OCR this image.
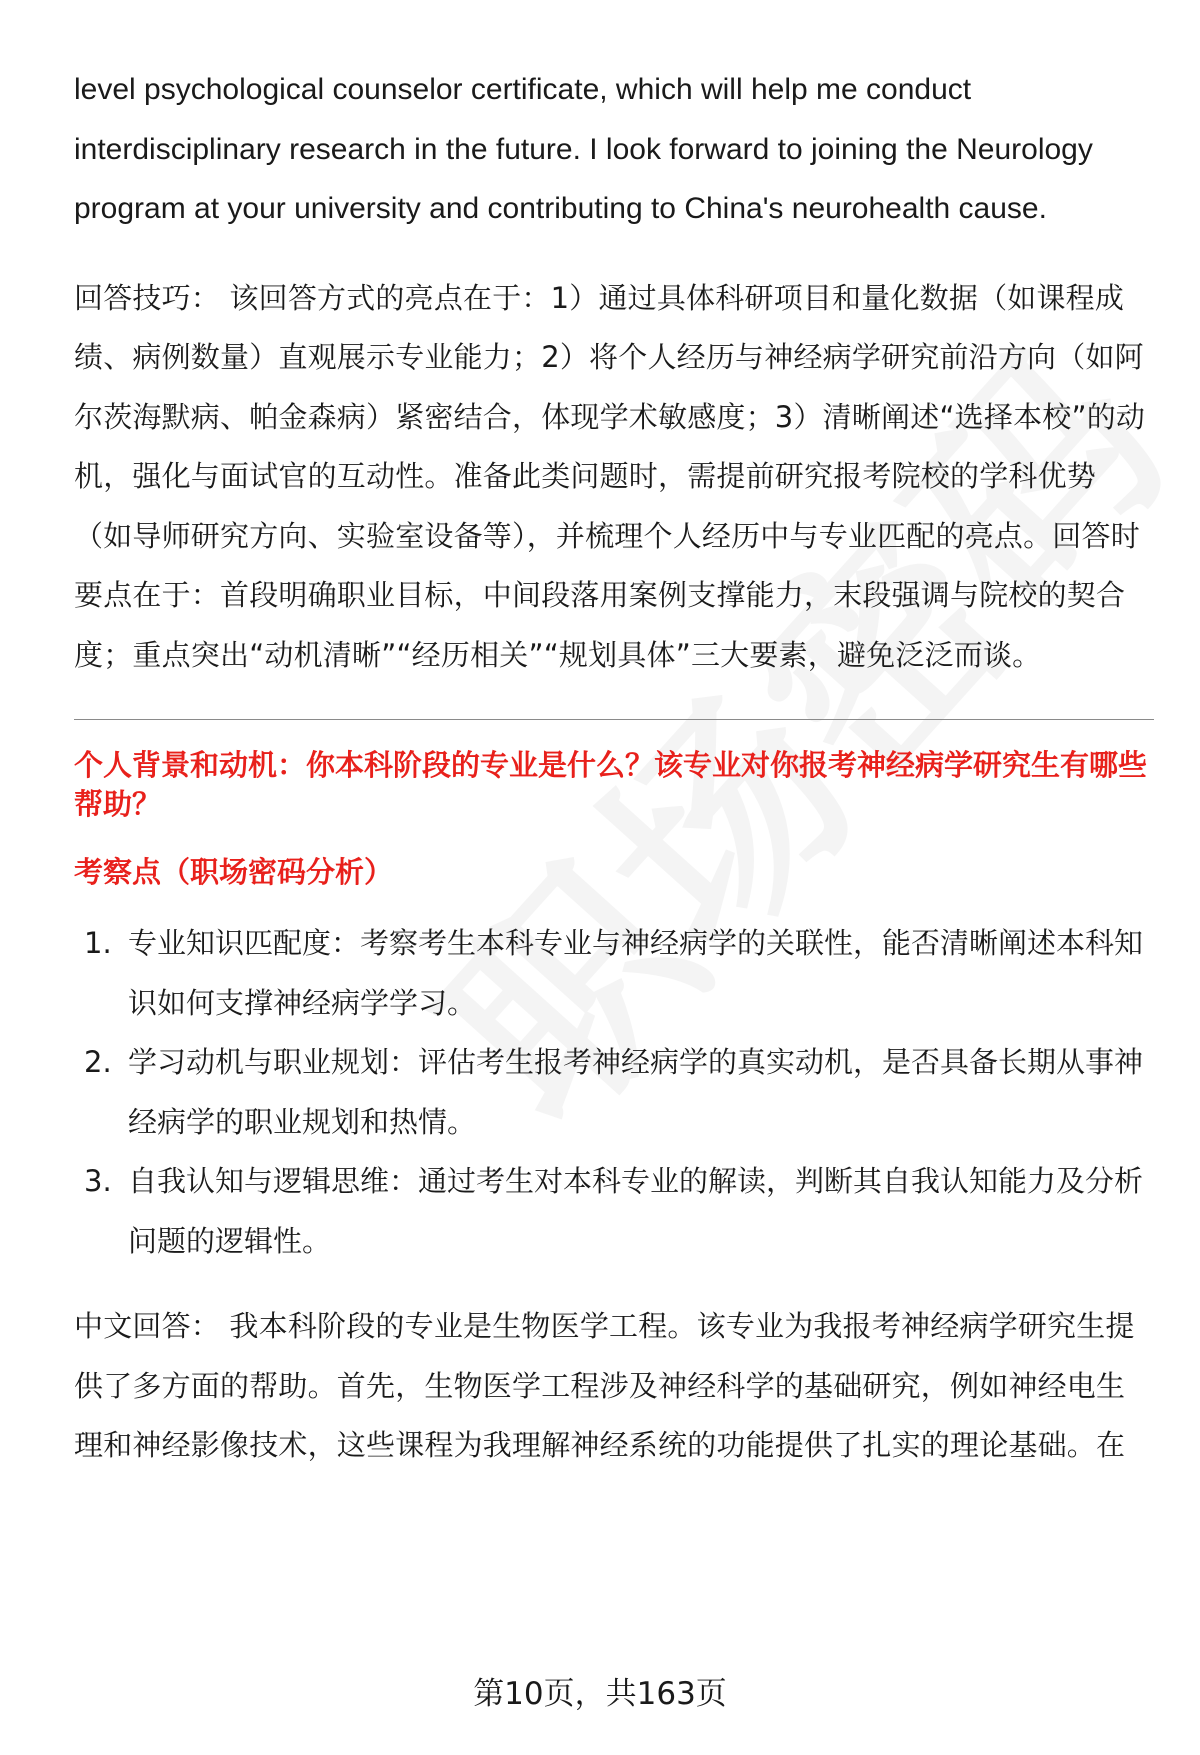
level psychological counselor certificate, which will help me conduct interdisciplinary research in the future. I look forward to joining the Neurology program at your university and contributing to China's neurohealth cause.

回答技巧： 该回答方式的亮点在于：1）通过具体科研项目和量化数据（如课程成绩、病例数量）直观展示专业能力；2）将个人经历与神经病学研究前沿方向（如阿尔茨海默病、帕金森病）紧密结合，体现学术敏感度；3）清晰阐述“选择本校”的动机，强化与面试官的互动性。准备此类问题时，需提前研究报考院校的学科优势（如导师研究方向、实验室设备等），并梳理个人经历中与专业匹配的亮点。回答时要点在于：首段明确职业目标，中间段落用案例支撑能力，末段强调与院校的契合度；重点突出“动机清晰”“经历相关”“规划具体”三大要素，避免泛泛而谈。

个人背景和动机：你本科阶段的专业是什么？该专业对你报考神经病学研究生有哪些帮助？

考察点（职场密码分析）

1. 专业知识匹配度：考察考生本科专业与神经病学的关联性，能否清晰阐述本科知识如何支撑神经病学学习。
2. 学习动机与职业规划：评估考生报考神经病学的真实动机，是否具备长期从事神经病学的职业规划和热情。
3. 自我认知与逻辑思维：通过考生对本科专业的解读，判断其自我认知能力及分析问题的逻辑性。

中文回答： 我本科阶段的专业是生物医学工程。该专业为我报考神经病学研究生提供了多方面的帮助。首先，生物医学工程涉及神经科学的基础研究，例如神经电生理和神经影像技术，这些课程为我理解神经系统的功能提供了扎实的理论基础。在

第10页，共163页
